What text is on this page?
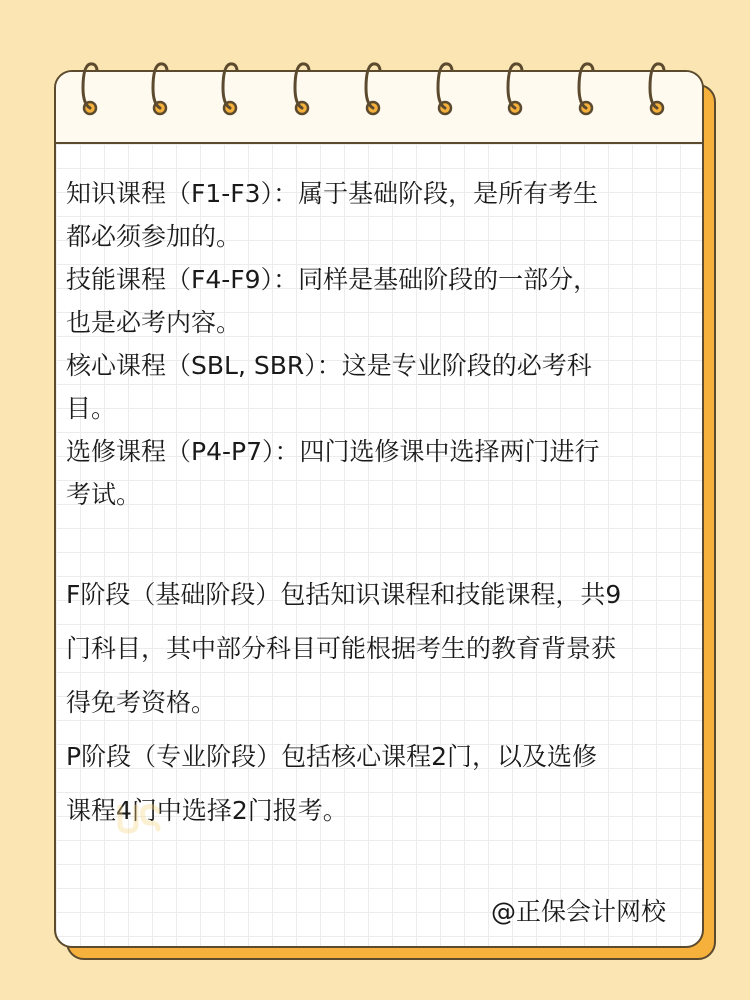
知识课程（F1-F3）：属于基础阶段，是所有考生

都必须参加的。

技能课程（F4-F9）：同样是基础阶段的一部分，

也是必考内容。

核心课程（SBL, SBR）：这是专业阶段的必考科

目。

选修课程（P4-P7）：四门选修课中选择两门进行

考试。

F阶段（基础阶段）包括知识课程和技能课程，共9

门科目，其中部分科目可能根据考生的教育背景获

得免考资格。

P阶段（专业阶段）包括核心课程2门，以及选修

课程4门中选择2门报考。

@正保会计网校
